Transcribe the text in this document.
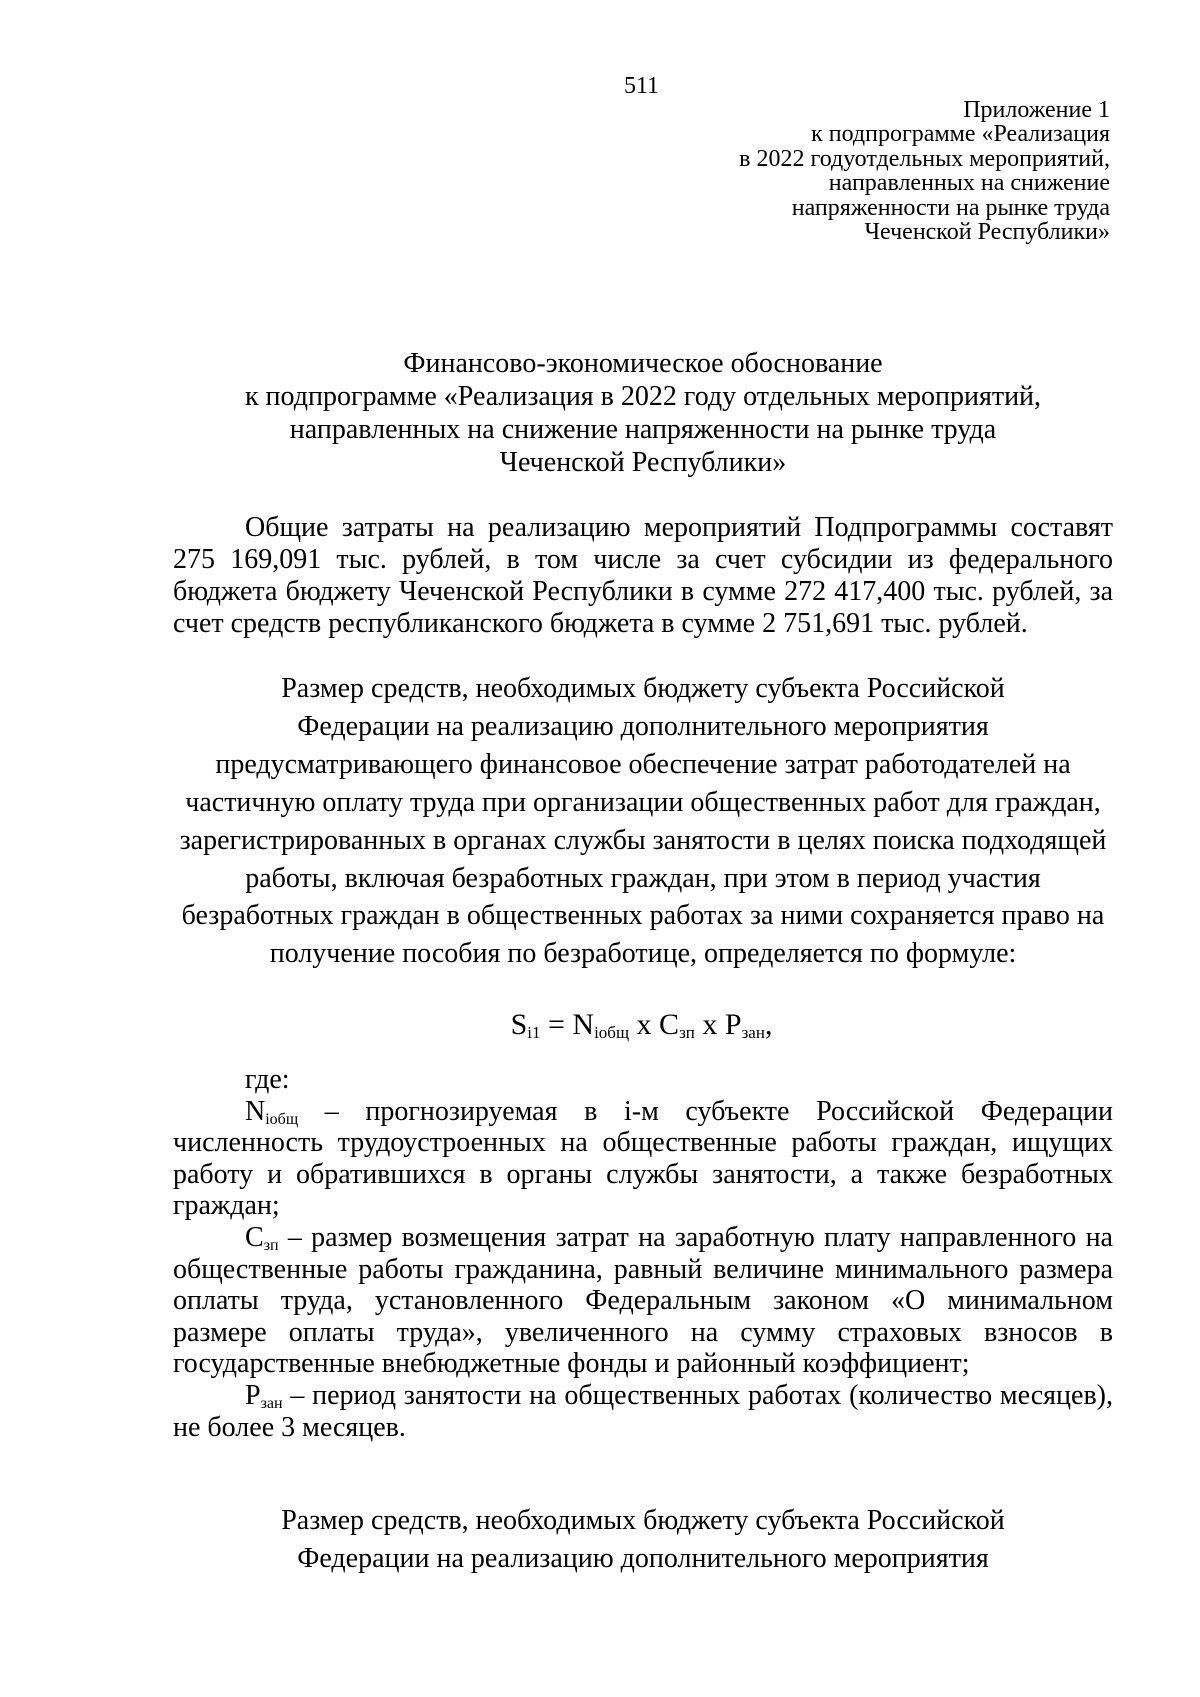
511
Приложение 1
к подпрограмме «Реализация
в 2022 годуотдельных мероприятий,
направленных на снижение
напряженности на рынке труда
Чеченской Республики»
Финансово-экономическое обоснование
к подпрограмме «Реализация в 2022 году отдельных мероприятий,
направленных на снижение напряженности на рынке труда
Чеченской Республики»
Общие затраты на реализацию мероприятий Подпрограммы составят
275 169,091 тыс. рублей, в том числе за счет субсидии из федерального
бюджета бюджету Чеченской Республики в сумме 272 417,400 тыс. рублей, за
счет средств республиканского бюджета в сумме 2 751,691 тыс. рублей.
Размер средств, необходимых бюджету субъекта Российской
Федерации на реализацию дополнительного мероприятия
предусматривающего финансовое обеспечение затрат работодателей на
частичную оплату труда при организации общественных работ для граждан,
зарегистрированных в органах службы занятости в целях поиска подходящей
работы, включая безработных граждан, при этом в период участия
безработных граждан в общественных работах за ними сохраняется право на
получение пособия по безработице, определяется по формуле:
$S_{i1} = N_{iобщ}$ x $C_{зп}$ x $P_{зан}$,
где:
$N_{iобщ}$ – прогнозируемая в i-м субъекте Российской Федерации
численность трудоустроенных на общественные работы граждан, ищущих
работу и обратившихся в органы службы занятости, а также безработных
граждан;
$C_{зп}$ – размер возмещения затрат на заработную плату направленного на
общественные работы гражданина, равный величине минимального размера
оплаты труда, установленного Федеральным законом «О минимальном
размере оплаты труда», увеличенного на сумму страховых взносов в
государственные внебюджетные фонды и районный коэффициент;
$P_{зан}$ – период занятости на общественных работах (количество месяцев),
не более 3 месяцев.
Размер средств, необходимых бюджету субъекта Российской
Федерации на реализацию дополнительного мероприятия
